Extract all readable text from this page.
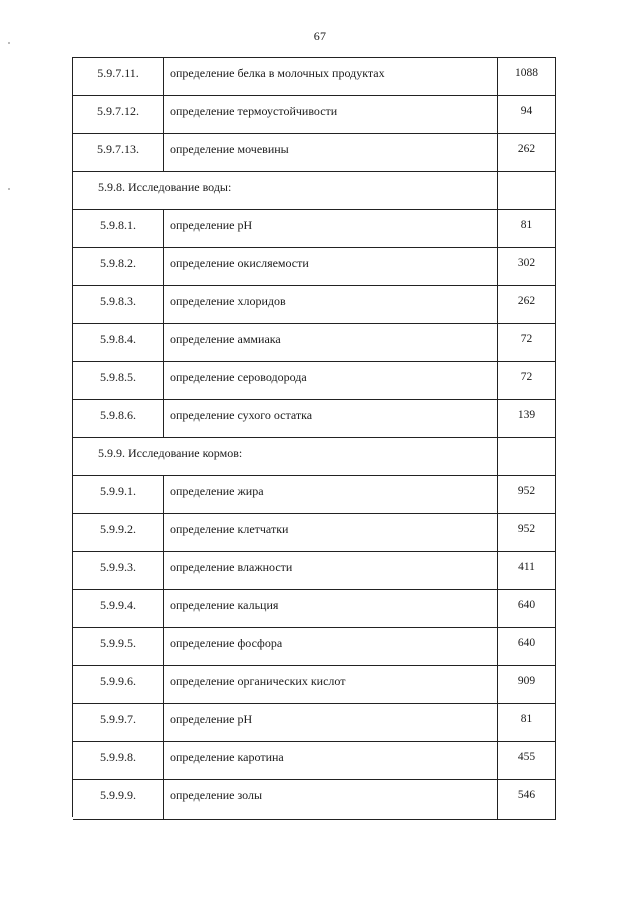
67
5.9.7.11.	определение белка в молочных продуктах	1088
5.9.7.12.	определение термоустойчивости	94
5.9.7.13.	определение мочевины	262
5.9.8. Исследование воды:
5.9.8.1.	определение pH	81
5.9.8.2.	определение окисляемости	302
5.9.8.3.	определение хлоридов	262
5.9.8.4.	определение аммиака	72
5.9.8.5.	определение сероводорода	72
5.9.8.6.	определение сухого остатка	139
5.9.9. Исследование кормов:
5.9.9.1.	определение жира	952
5.9.9.2.	определение клетчатки	952
5.9.9.3.	определение влажности	411
5.9.9.4.	определение кальция	640
5.9.9.5.	определение фосфора	640
5.9.9.6.	определение органических кислот	909
5.9.9.7.	определение pH	81
5.9.9.8.	определение каротина	455
5.9.9.9.	определение золы	546
